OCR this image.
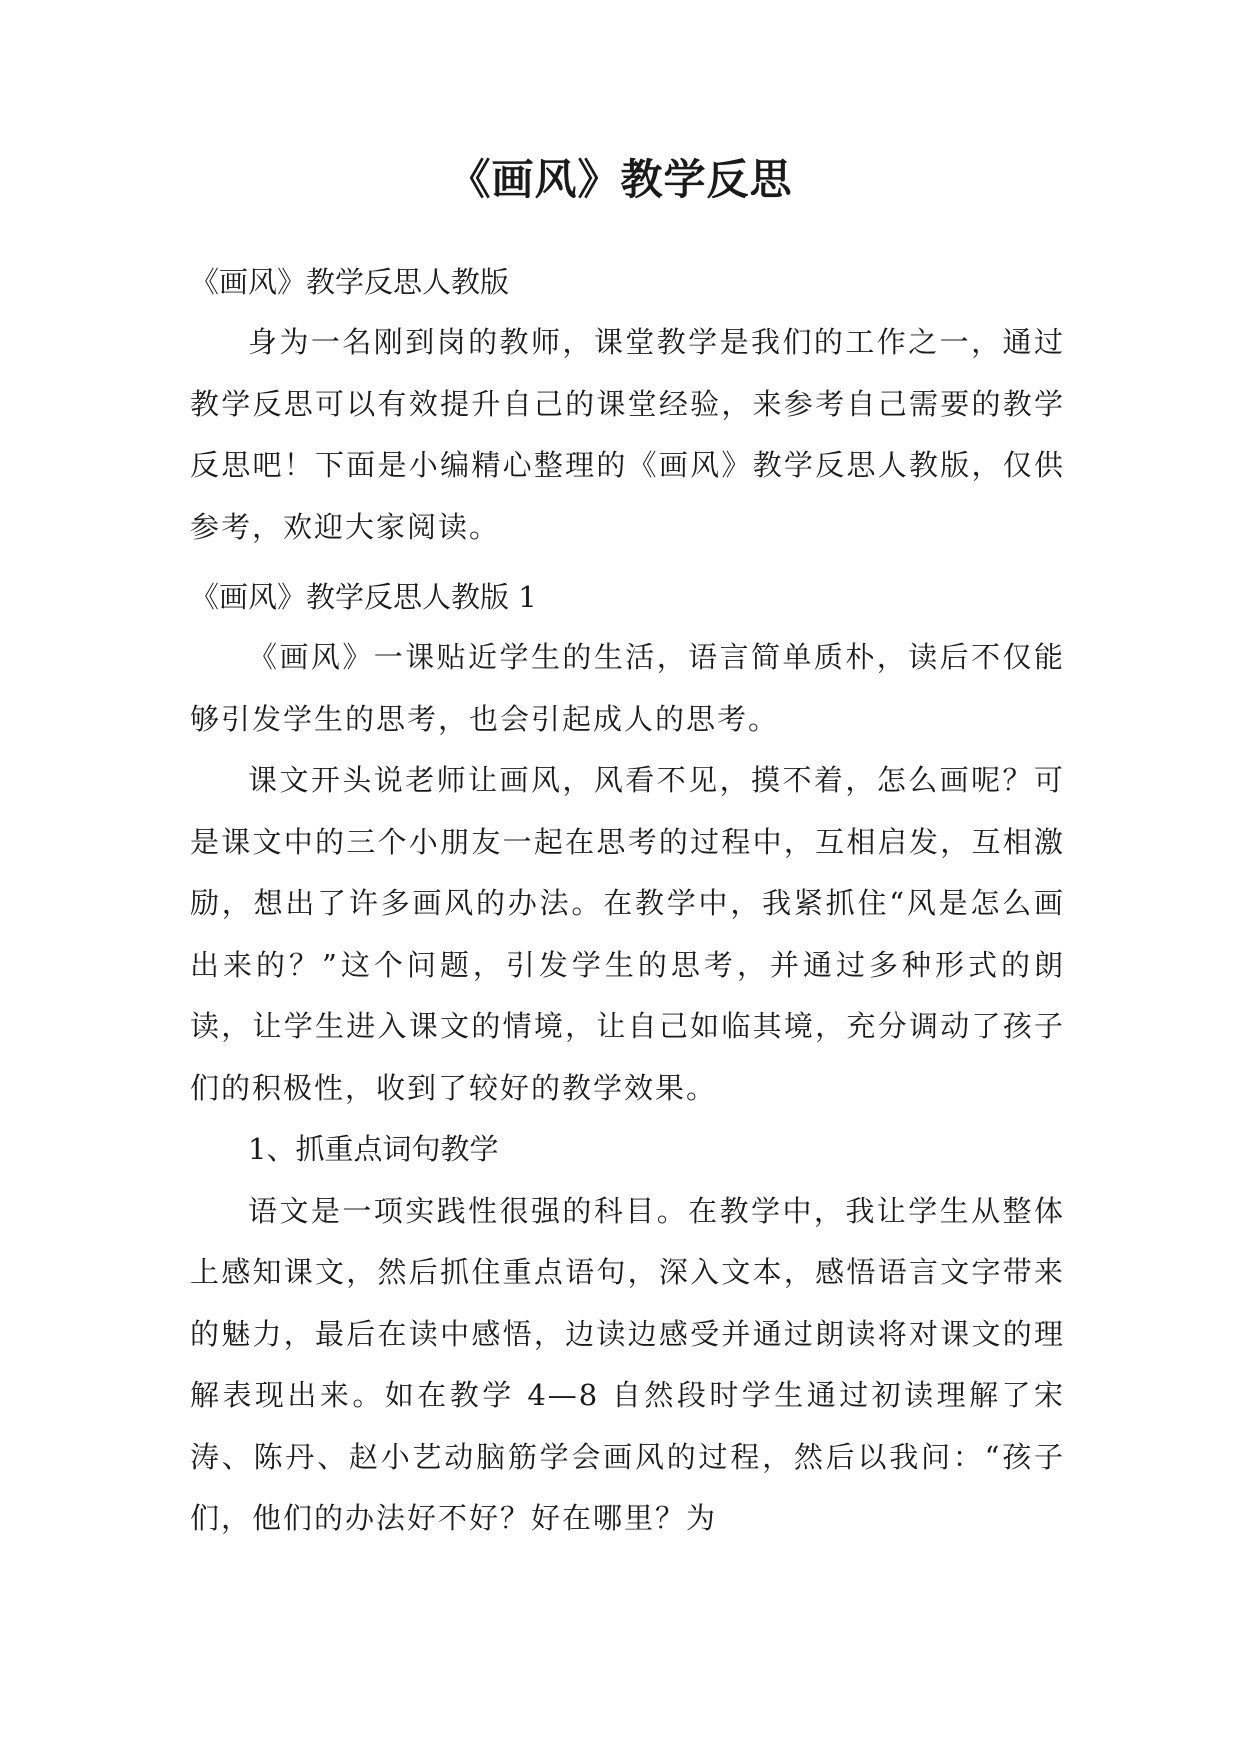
《画风》教学反思

《画风》教学反思人教版

身为一名刚到岗的教师，课堂教学是我们的工作之一，通过教学反思可以有效提升自己的课堂经验，来参考自己需要的教学反思吧！下面是小编精心整理的《画风》教学反思人教版，仅供参考，欢迎大家阅读。

《画风》教学反思人教版 1

《画风》一课贴近学生的生活，语言简单质朴，读后不仅能够引发学生的思考，也会引起成人的思考。

课文开头说老师让画风，风看不见，摸不着，怎么画呢？可是课文中的三个小朋友一起在思考的过程中，互相启发，互相激励，想出了许多画风的办法。在教学中，我紧抓住“风是怎么画出来的？”这个问题，引发学生的思考，并通过多种形式的朗读，让学生进入课文的情境，让自己如临其境，充分调动了孩子们的积极性，收到了较好的教学效果。

1、抓重点词句教学

语文是一项实践性很强的科目。在教学中，我让学生从整体上感知课文，然后抓住重点语句，深入文本，感悟语言文字带来的魅力，最后在读中感悟，边读边感受并通过朗读将对课文的理解表现出来。如在教学 4—8 自然段时学生通过初读理解了宋涛、陈丹、赵小艺动脑筋学会画风的过程，然后以我问：“孩子们，他们的办法好不好？好在哪里？为
